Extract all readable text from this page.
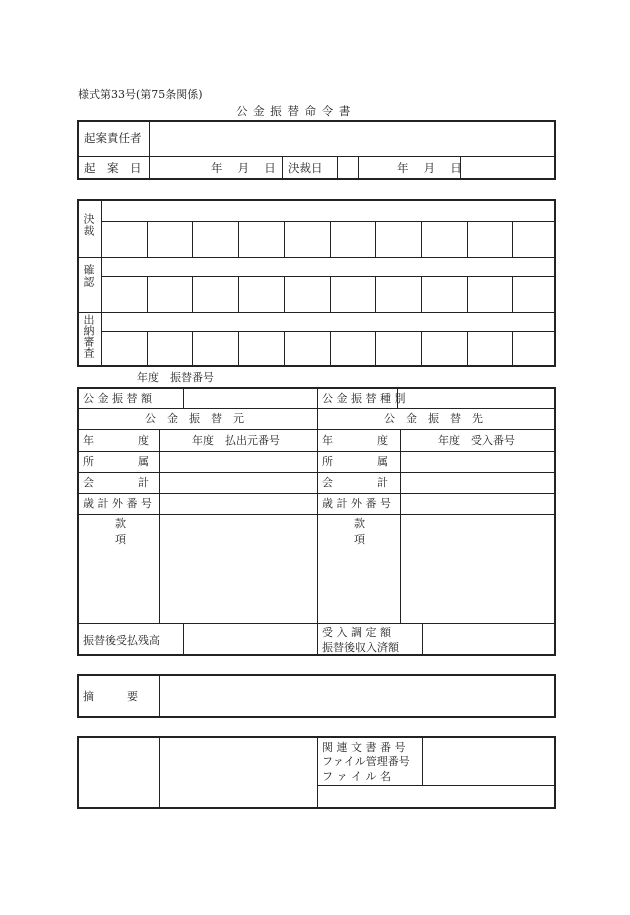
様式第33号(第75条関係)
公 金 振 替 命 令 書
起案責任者
起　案　日	年　 月　 日 決裁日	年　 月　 日
決裁
確認
出納審査
年度　振替番号
公 金 振 替 額	公 金 振 替 種 別
公　金　振　替　元	公　金　振　替　先
年　　　　度	年度　払出元番号	年　　　　度	年度　受入番号
所　　　　属	所　　　　属
会　　　　計	会　　　　計
歳 計 外 番 号	歳 計 外 番 号
款
項
款
項
振替後受払残高
受 入 調 定 額
振替後収入済額
摘　　　要
関 連 文 書 番 号
ファイル管理番号
フ ァ イ ル 名
